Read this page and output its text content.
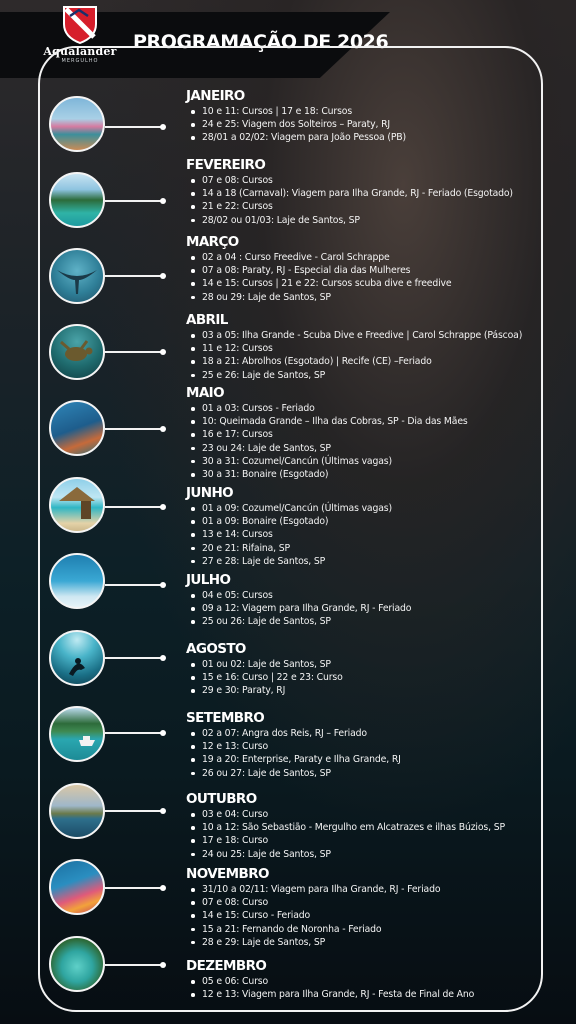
Aqualander
MERGULHO
PROGRAMAÇÃO DE 2026
JANEIRO
10 e 11: Cursos | 17 e 18: Cursos
24 e 25: Viagem dos Solteiros – Paraty, RJ
28/01 a 02/02: Viagem para João Pessoa (PB)
FEVEREIRO
07 e 08: Cursos
14 a 18 (Carnaval): Viagem para Ilha Grande, RJ - Feriado (Esgotado)
21 e 22: Cursos
28/02 ou 01/03: Laje de Santos, SP
MARÇO
02 a 04 : Curso Freedive - Carol Schrappe
07 a 08: Paraty, RJ - Especial dia das Mulheres
14 e 15: Cursos | 21 e 22: Cursos scuba dive e freedive
28 ou 29: Laje de Santos, SP
ABRIL
03 a 05: Ilha Grande - Scuba Dive e Freedive | Carol Schrappe (Páscoa)
11 e 12: Cursos
18 a 21: Abrolhos (Esgotado) | Recife (CE) –Feriado
25 e 26: Laje de Santos, SP
MAIO
01 a 03: Cursos - Feriado
10: Queimada Grande – Ilha das Cobras, SP - Dia das Mães
16 e 17: Cursos
23 ou 24: Laje de Santos, SP
30 a 31: Cozumel/Cancún (Últimas vagas)
30 a 31: Bonaire (Esgotado)
JUNHO
01 a 09: Cozumel/Cancún (Últimas vagas)
01 a 09: Bonaire (Esgotado)
13 e 14: Cursos
20 e 21: Rifaina, SP
27 e 28: Laje de Santos, SP
JULHO
04 e 05: Cursos
09 a 12: Viagem para Ilha Grande, RJ - Feriado
25 ou 26: Laje de Santos, SP
AGOSTO
01 ou 02: Laje de Santos, SP
15 e 16: Curso | 22 e 23: Curso
29 e 30: Paraty, RJ
SETEMBRO
02 a 07: Angra dos Reis, RJ – Feriado
12 e 13: Curso
19 a 20: Enterprise, Paraty e Ilha Grande, RJ
26 ou 27: Laje de Santos, SP
OUTUBRO
03 e 04: Curso
10 a 12: São Sebastião - Mergulho em Alcatrazes e ilhas Búzios, SP
17 e 18: Curso
24 ou 25: Laje de Santos, SP
NOVEMBRO
31/10 a 02/11: Viagem para Ilha Grande, RJ - Feriado
07 e 08: Curso
14 e 15: Curso - Feriado
15 a 21: Fernando de Noronha - Feriado
28 e 29: Laje de Santos, SP
DEZEMBRO
05 e 06: Curso
12 e 13: Viagem para Ilha Grande, RJ - Festa de Final de Ano
